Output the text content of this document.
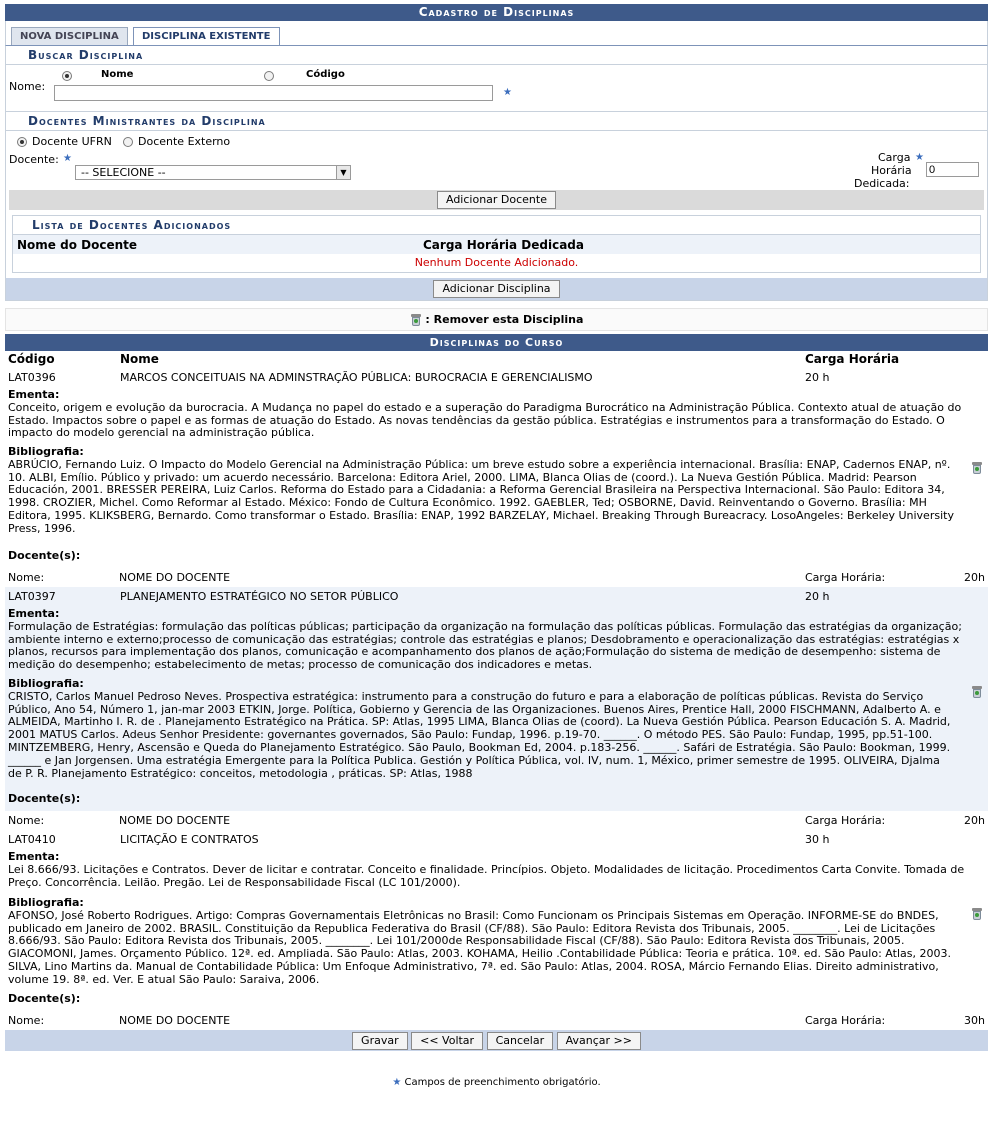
Cadastro de Disciplinas
NOVA DISCIPLINA	DISCIPLINA EXISTENTE
Buscar Disciplina
Nome	Código
Nome:	★
Docentes Ministrantes da Disciplina
Docente UFRN Docente Externo
Docente: ★
-- SELECIONE --	▼
Carga ★
Horária
Dedicada:
0
Adicionar Docente
Lista de Docentes Adicionados
Nome do Docente	Carga Horária Dedicada
Nenhum Docente Adicionado.
Adicionar Disciplina
: Remover esta Disciplina
Disciplinas do Curso
Código	Nome	Carga Horária
LAT0396	MARCOS CONCEITUAIS NA ADMINSTRAÇÃO PÚBLICA: BUROCRACIA E GERENCIALISMO	20 h
Ementa:
Conceito, origem e evolução da burocracia. A Mudança no papel do estado e a superação do Paradigma Burocrático na Administração Pública. Contexto atual de atuação do Estado. Impactos sobre o papel e as formas de atuação do Estado. As novas tendências da gestão pública. Estratégias e instrumentos para a transformação do Estado. O impacto do modelo gerencial na administração pública.
Bibliografia:
ABRÚCIO, Fernando Luiz. O Impacto do Modelo Gerencial na Administração Pública: um breve estudo sobre a experiência internacional. Brasília: ENAP, Cadernos ENAP, nº. 10. ALBI, Emílio. Público y privado: um acuerdo necessário. Barcelona: Editora Ariel, 2000. LIMA, Blanca Olias de (coord.). La Nueva Gestión Pública. Madrid: Pearson Educación, 2001. BRESSER PEREIRA, Luiz Carlos. Reforma do Estado para a Cidadania: a Reforma Gerencial Brasileira na Perspectiva Internacional. São Paulo: Editora 34, 1998. CROZIER, Michel. Como Reformar al Estado. México: Fondo de Cultura Econômico. 1992. GAEBLER, Ted; OSBORNE, David. Reinventando o Governo. Brasília: MH Editora, 1995. KLIKSBERG, Bernardo. Como transformar o Estado. Brasília: ENAP, 1992 BARZELAY, Michael. Breaking Through Bureacracy. LosoAngeles: Berkeley University Press, 1996.
Docente(s):
Nome:	NOME DO DOCENTE	Carga Horária:	20h
LAT0397	PLANEJAMENTO ESTRATÉGICO NO SETOR PÚBLICO	20 h
Ementa:
Formulação de Estratégias: formulação das políticas públicas; participação da organização na formulação das políticas públicas. Formulação das estratégias da organização; ambiente interno e externo;processo de comunicação das estratégias; controle das estratégias e planos; Desdobramento e operacionalização das estratégias: estratégias x planos, recursos para implementação dos planos, comunicação e acompanhamento dos planos de ação;Formulação do sistema de medição de desempenho: sistema de medição do desempenho; estabelecimento de metas; processo de comunicação dos indicadores e metas.
Bibliografia:
CRISTO, Carlos Manuel Pedroso Neves. Prospectiva estratégica: instrumento para a construção do futuro e para a elaboração de políticas públicas. Revista do Serviço Público, Ano 54, Número 1, jan-mar 2003 ETKIN, Jorge. Política, Gobierno y Gerencia de las Organizaciones. Buenos Aires, Prentice Hall, 2000 FISCHMANN, Adalberto A. e ALMEIDA, Martinho I. R. de . Planejamento Estratégico na Prática. SP: Atlas, 1995 LIMA, Blanca Olias de (coord). La Nueva Gestión Pública. Pearson Educación S. A. Madrid, 2001 MATUS Carlos. Adeus Senhor Presidente: governantes governados, São Paulo: Fundap, 1996. p.19-70. ______. O método PES. São Paulo: Fundap, 1995, pp.51-100. MINTZEMBERG, Henry, Ascensão e Queda do Planejamento Estratégico. São Paulo, Bookman Ed, 2004. p.183-256. ______. Safári de Estratégia. São Paulo: Bookman, 1999. ______ e Jan Jorgensen. Uma estratégia Emergente para la Política Publica. Gestión y Política Pública, vol. IV, num. 1, México, primer semestre de 1995. OLIVEIRA, Djalma de P. R. Planejamento Estratégico: conceitos, metodologia , práticas. SP: Atlas, 1988
Docente(s):
Nome:	NOME DO DOCENTE	Carga Horária:	20h
LAT0410	LICITAÇÃO E CONTRATOS	30 h
Ementa:
Lei 8.666/93. Licitações e Contratos. Dever de licitar e contratar. Conceito e finalidade. Princípios. Objeto. Modalidades de licitação. Procedimentos Carta Convite. Tomada de Preço. Concorrência. Leilão. Pregão. Lei de Responsabilidade Fiscal (LC 101/2000).
Bibliografia:
AFONSO, José Roberto Rodrigues. Artigo: Compras Governamentais Eletrônicas no Brasil: Como Funcionam os Principais Sistemas em Operação. INFORME-SE do BNDES, publicado em Janeiro de 2002. BRASIL. Constituição da Republica Federativa do Brasil (CF/88). São Paulo: Editora Revista dos Tribunais, 2005. ________. Lei de Licitações 8.666/93. São Paulo: Editora Revista dos Tribunais, 2005. ________. Lei 101/2000de Responsabilidade Fiscal (CF/88). São Paulo: Editora Revista dos Tribunais, 2005. GIACOMONI, James. Orçamento Público. 12ª. ed. Ampliada. São Paulo: Atlas, 2003. KOHAMA, Heilio .Contabilidade Pública: Teoria e prática. 10ª. ed. São Paulo: Atlas, 2003. SILVA, Lino Martins da. Manual de Contabilidade Pública: Um Enfoque Administrativo, 7ª. ed. São Paulo: Atlas, 2004. ROSA, Márcio Fernando Elias. Direito administrativo, volume 19. 8ª. ed. Ver. E atual São Paulo: Saraiva, 2006.
Docente(s):
Nome:	NOME DO DOCENTE	Carga Horária:	30h
Gravar << Voltar Cancelar Avançar >>
★ Campos de preenchimento obrigatório.
